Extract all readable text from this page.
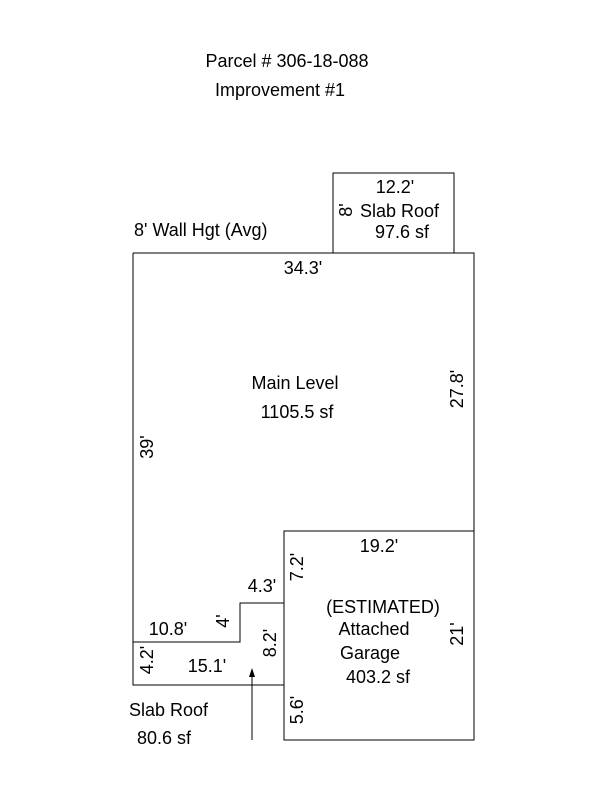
8'
27.8'
39'
7.2'
4'
8.2'	21'
4.2'
5.6'
Parcel # 306-18-088
Improvement #1
12.2'
Slab Roof
97.6 sf
8' Wall Hgt (Avg)
34.3'
Main Level
1105.5 sf
19.2'
(ESTIMATED)
Attached
Garage
403.2 sf
4.3'
10.8'
15.1'
Slab Roof
80.6 sf
